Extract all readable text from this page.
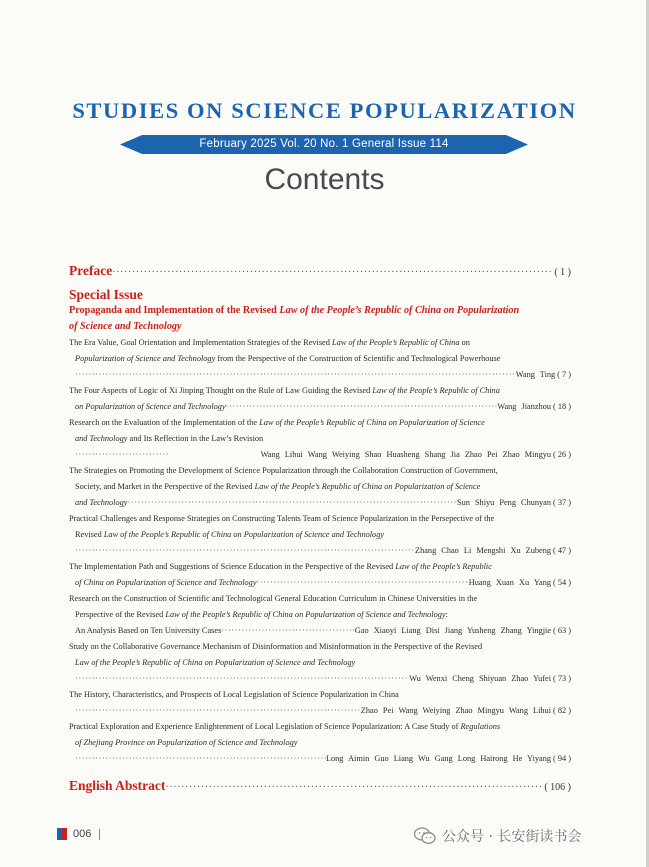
STUDIES ON SCIENCE POPULARIZATION
February 2025 Vol. 20 No. 1 General Issue 114
Contents
Preface ·····	( 1 )
Special Issue
Propaganda and Implementation of the Revised Law of the People’s Republic of China on Popularization
of Science and Technology
The Era Value, Goal Orientation and Implementation Strategies of the Revised Law of the People’s Republic of China on
Popularization of Science and Technology from the Perspective of the Construction of Scientific and Technological Powerhouse
·····
Wang Ting ( 7 )
The Four Aspects of Logic of Xi Jinping Thought on the Rule of Law Guiding the Revised Law of the People’s Republic of China
on Popularization of Science and Technology ·····	Wang Jianzhou ( 18 )
Research on the Evaluation of the Implementation of the Law of the People’s Republic of China on Popularization of Science
and Technology and Its Reflection in the Law’s Revision
·····
Wang Lihui Wang Weiying Shao Huasheng Shang Jia Zhao Pei Zhao Mingyu ( 26 )
The Strategies on Promoting the Development of Science Popularization through the Collaboration Construction of Government,
Society, and Market in the Perspective of the Revised Law of the People’s Republic of China on Popularization of Science
and Technology ·····	Sun Shiyu Peng Chunyan ( 37 )
Practical Challenges and Response Strategies on Constructing Talents Team of Science Popularization in the Persepective of the
Revised Law of the People’s Republic of China on Popularization of Science and Technology
·····
Zhang Chao Li Mengshi Xu Zubeng ( 47 )
The Implementation Path and Suggestions of Science Education in the Perspective of the Revised Law of the People’s Republic
of China on Popularization of Science and Technology ·····	Huang Xuan Xu Yang ( 54 )
Research on the Construction of Scientific and Technological General Education Curriculum in Chinese Universities in the
Perspective of the Revised Law of the People’s Republic of China on Popularization of Science and Technology:
An Analysis Based on Ten University Cases ·····	Gao Xiaoyi Liang Disi Jiang Yusheng Zhang Yingjie ( 63 )
Study on the Collaborative Governance Mechanism of Disinformation and Misinformation in the Perspective of the Revised
Law of the People’s Republic of China on Popularization of Science and Technology
·····
Wu Wenxi Cheng Shiyuan Zhao Yufei ( 73 )
The History, Characteristics, and Prospects of Local Legislation of Science Popularization in China
·····
Zhao Pei Wang Weiying Zhao Mingyu Wang Lihui ( 82 )
Practical Exploration and Experience Enlightenment of Local Legislation of Science Popularization: A Case Study of Regulations
of Zhejiang Province on Popularization of Science and Technology
·····
Long Aimin Guo Liang Wu Gang Long Hairong He Yiyang ( 94 )
English Abstract ·····	( 106 )
006	公众号 · 长安街读书会
